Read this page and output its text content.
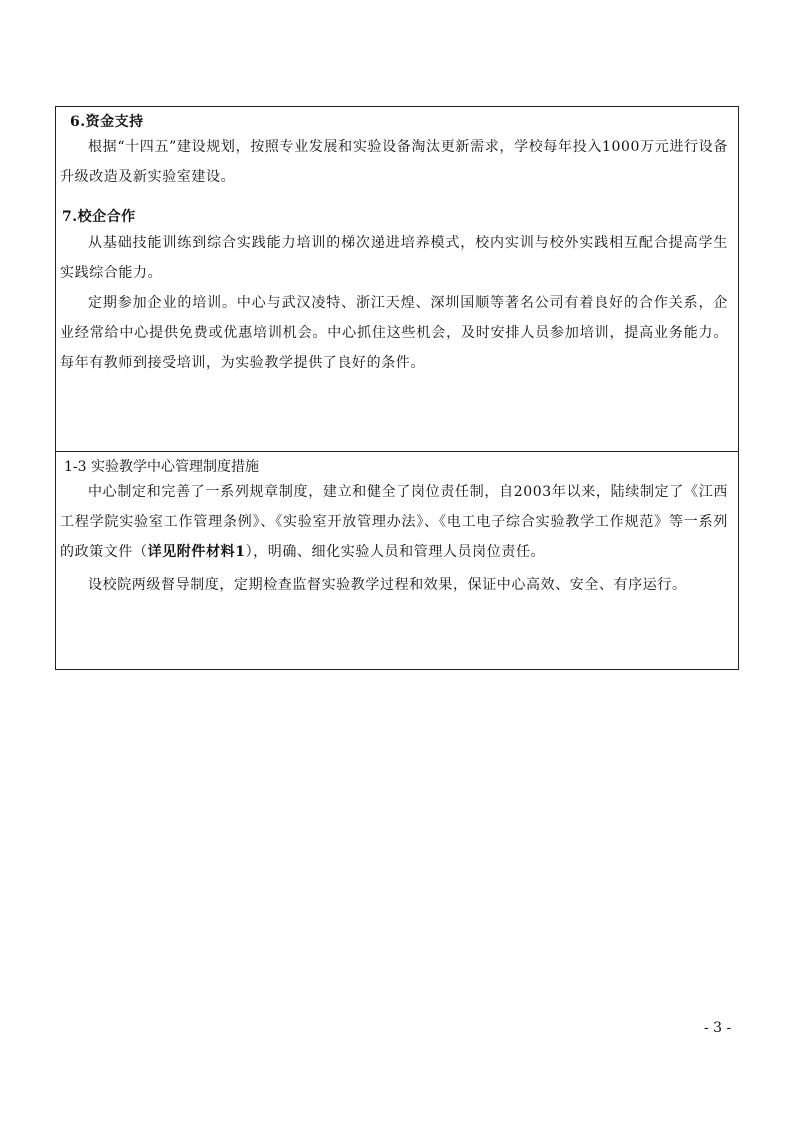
6.资金支持
根据“十四五”建设规划，按照专业发展和实验设备淘汰更新需求，学校每年投入1000万元进行设备升级改造及新实验室建设。
7.校企合作
从基础技能训练到综合实践能力培训的梯次递进培养模式，校内实训与校外实践相互配合提高学生实践综合能力。
定期参加企业的培训。中心与武汉凌特、浙江天煌、深圳国顺等著名公司有着良好的合作关系，企业经常给中心提供免费或优惠培训机会。中心抓住这些机会，及时安排人员参加培训，提高业务能力。每年有教师到接受培训，为实验教学提供了良好的条件。
1-3 实验教学中心管理制度措施
中心制定和完善了一系列规章制度，建立和健全了岗位责任制，自2003年以来，陆续制定了《江西工程学院实验室工作管理条例》、《实验室开放管理办法》、《电工电子综合实验教学工作规范》等一系列的政策文件（详见附件材料1），明确、细化实验人员和管理人员岗位责任。
设校院两级督导制度，定期检查监督实验教学过程和效果，保证中心高效、安全、有序运行。
- 3 -
